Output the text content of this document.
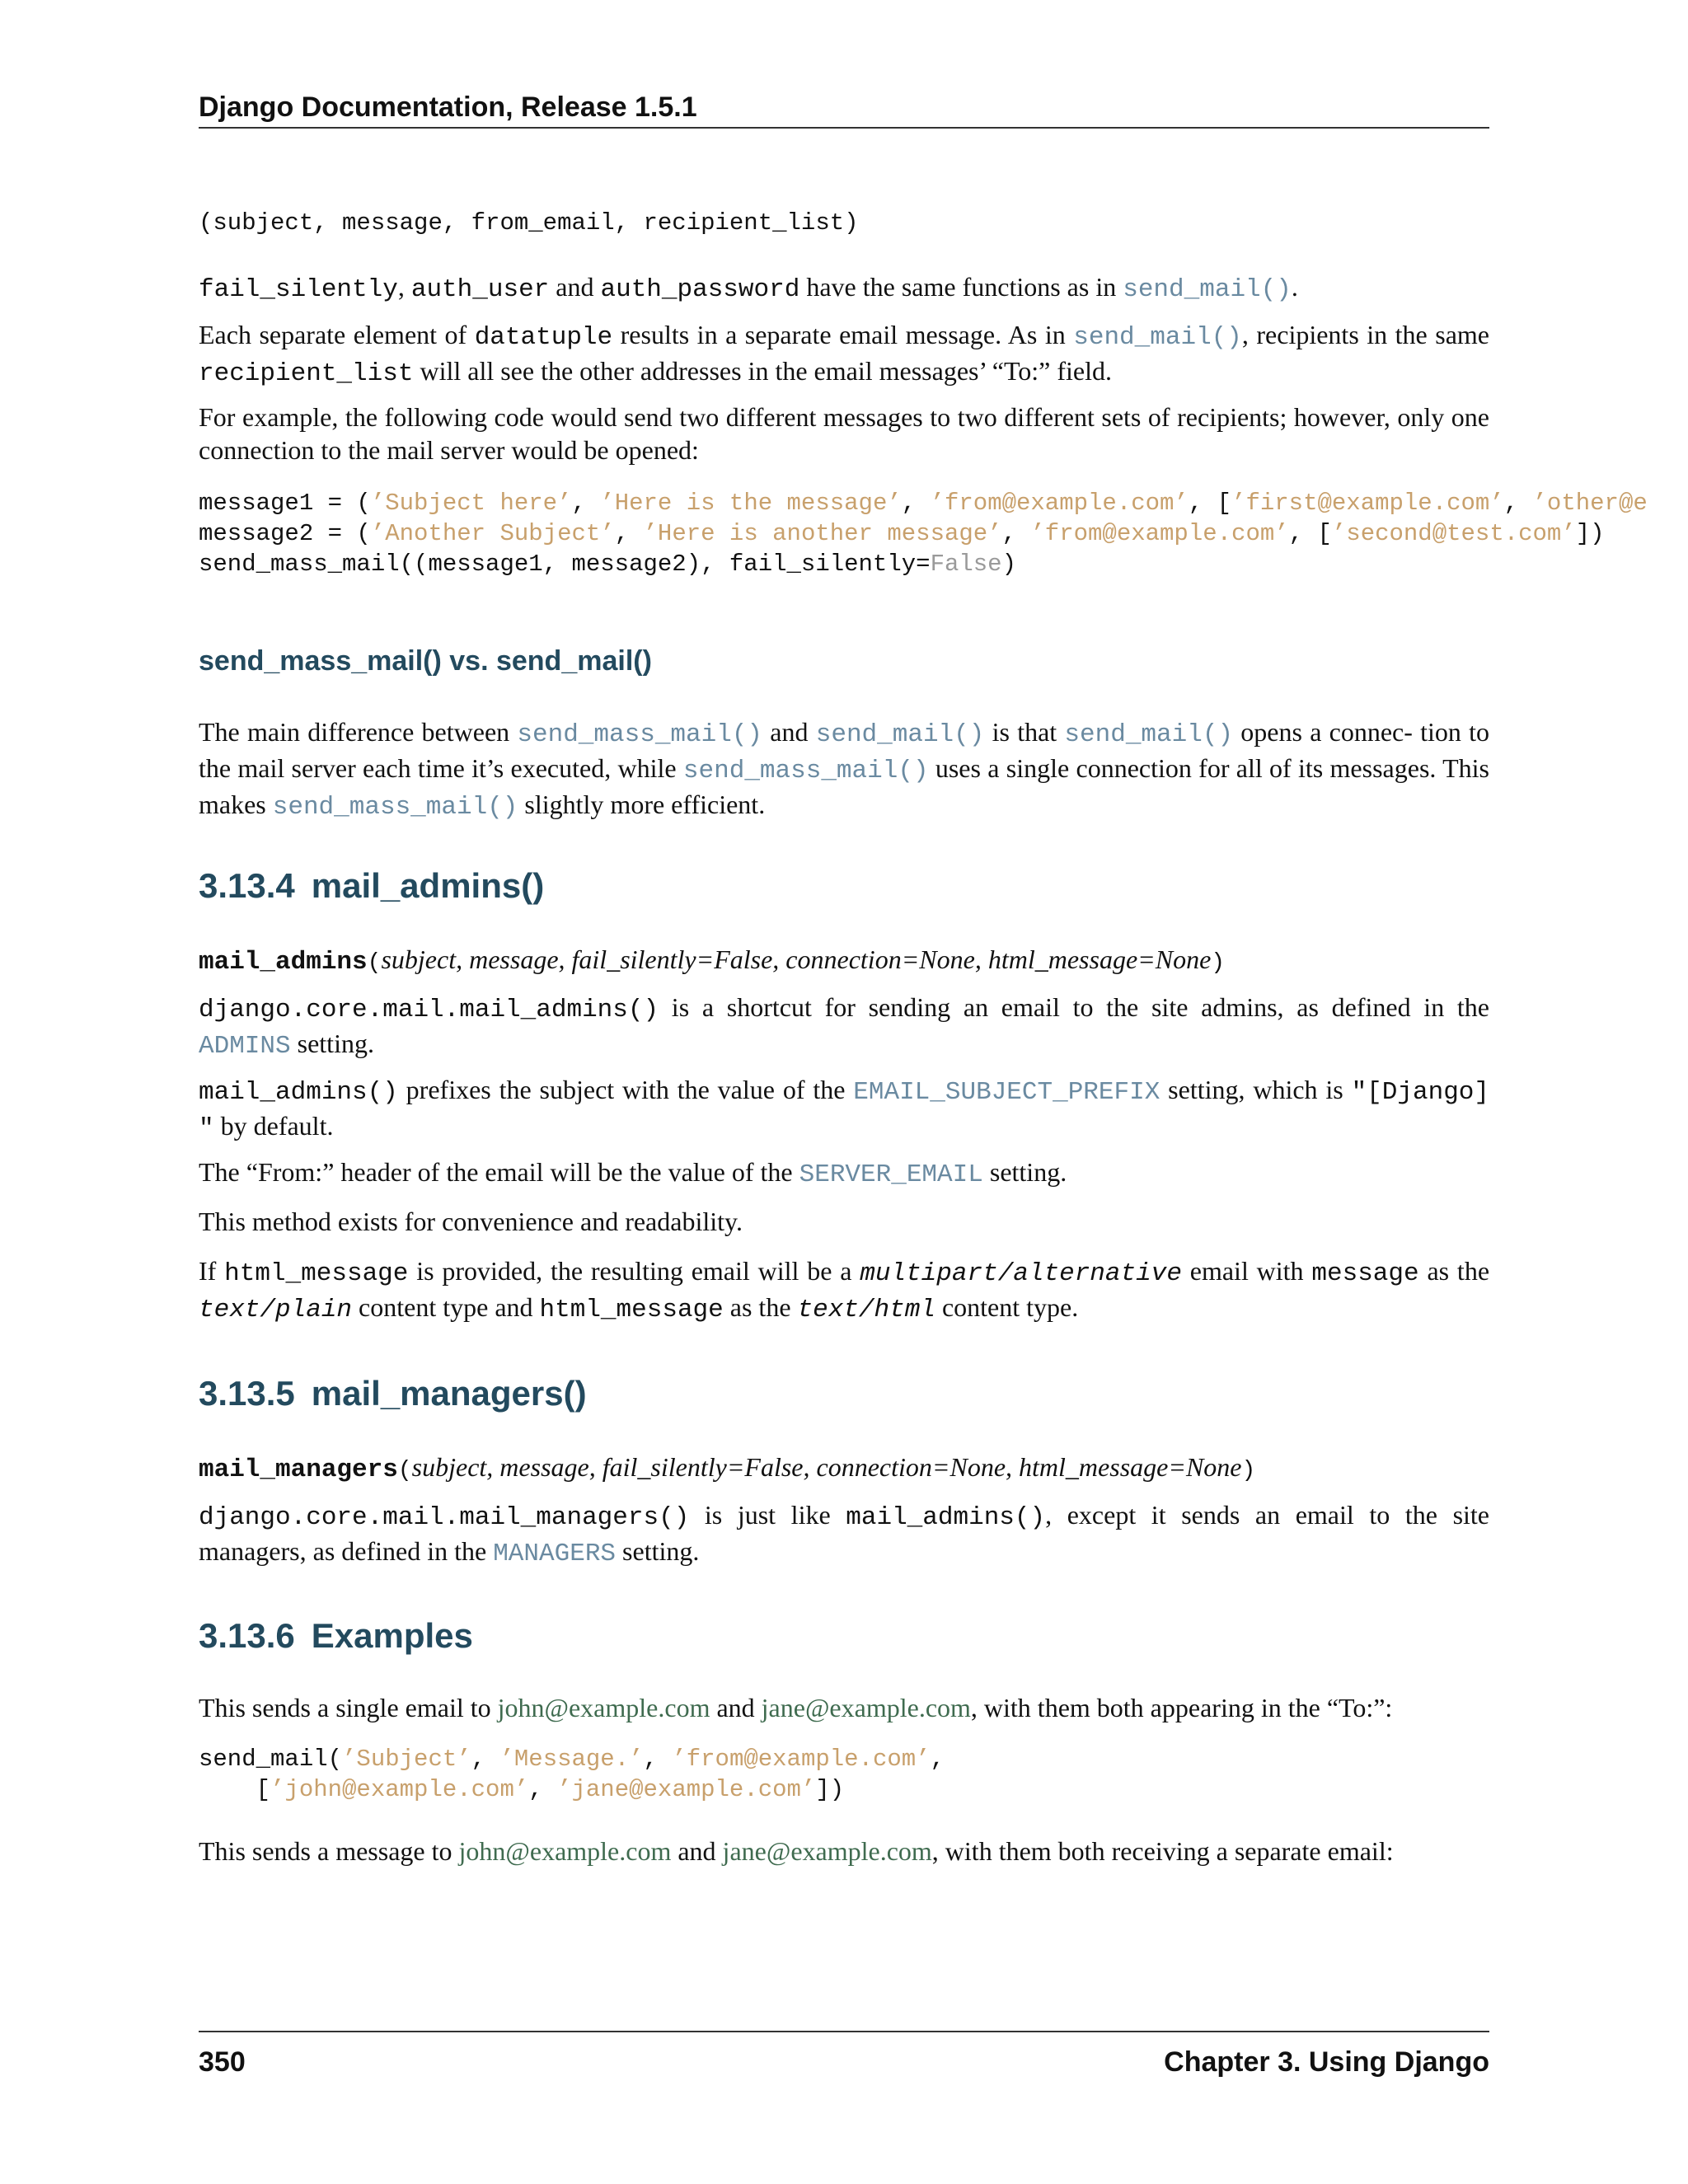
Django Documentation, Release 1.5.1
(subject, message, from_email, recipient_list)

fail_silently, auth_user and auth_password have the same functions as in send_mail().

Each separate element of datatuple results in a separate email message. As in send_mail(), recipients in the same recipient_list will all see the other addresses in the email messages’ “To:” field.

For example, the following code would send two different messages to two different sets of recipients; however, only one connection to the mail server would be opened:

message1 = (’Subject here’, ’Here is the message’, ’from@example.com’, [’first@example.com’, ’other@e
message2 = (’Another Subject’, ’Here is another message’, ’from@example.com’, [’second@test.com’])
send_mass_mail((message1, message2), fail_silently=False)
send_mass_mail() vs. send_mail()

The main difference between send_mass_mail() and send_mail() is that send_mail() opens a connec- tion to the mail server each time it’s executed, while send_mass_mail() uses a single connection for all of its messages. This makes send_mass_mail() slightly more efficient.

3.13.4 mail_admins()

mail_admins(subject, message, fail_silently=False, connection=None, html_message=None)

django.core.mail.mail_admins() is a shortcut for sending an email to the site admins, as defined in the ADMINS setting.

mail_admins() prefixes the subject with the value of the EMAIL_SUBJECT_PREFIX setting, which is "[Django] " by default.

The “From:” header of the email will be the value of the SERVER_EMAIL setting.

This method exists for convenience and readability.

If html_message is provided, the resulting email will be a multipart/alternative email with message as the text/plain content type and html_message as the text/html content type.

3.13.5 mail_managers()

mail_managers(subject, message, fail_silently=False, connection=None, html_message=None)

django.core.mail.mail_managers() is just like mail_admins(), except it sends an email to the site managers, as defined in the MANAGERS setting.

3.13.6 Examples

This sends a single email to john@example.com and jane@example.com, with them both appearing in the “To:”:

send_mail(’Subject’, ’Message.’, ’from@example.com’,
[’john@example.com’, ’jane@example.com’])

This sends a message to john@example.com and jane@example.com, with them both receiving a separate email:

350	Chapter 3. Using Django
